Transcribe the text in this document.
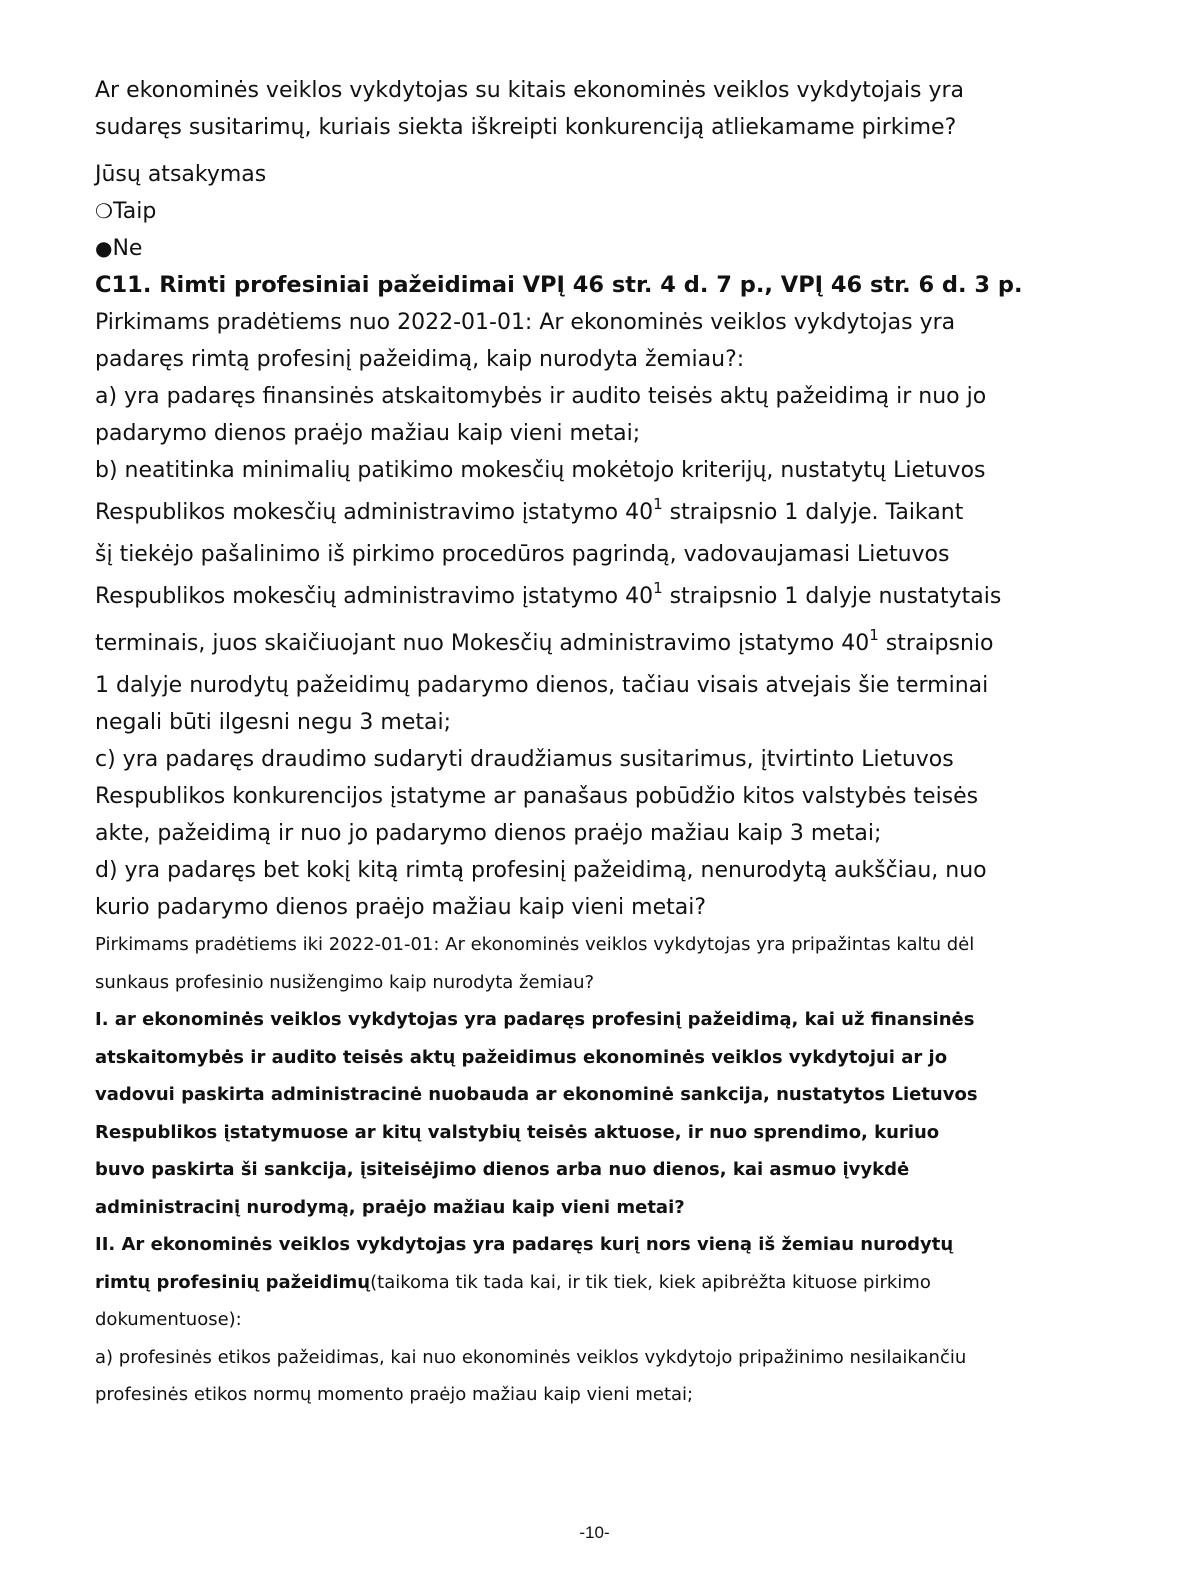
Ar ekonominės veiklos vykdytojas su kitais ekonominės veiklos vykdytojais yra
sudaręs susitarimų, kuriais siekta iškreipti konkurenciją atliekamame pirkime?
Jūsų atsakymas
❍Taip
●Ne
C11. Rimti profesiniai pažeidimai VPĮ 46 str. 4 d. 7 p., VPĮ 46 str. 6 d. 3 p.
Pirkimams pradėtiems nuo 2022-01-01: Ar ekonominės veiklos vykdytojas yra
padaręs rimtą profesinį pažeidimą, kaip nurodyta žemiau?:
a) yra padaręs finansinės atskaitomybės ir audito teisės aktų pažeidimą ir nuo jo
padarymo dienos praėjo mažiau kaip vieni metai;
b) neatitinka minimalių patikimo mokesčių mokėtojo kriterijų, nustatytų Lietuvos
Respublikos mokesčių administravimo įstatymo $40^1$ straipsnio 1 dalyje. Taikant
šį tiekėjo pašalinimo iš pirkimo procedūros pagrindą, vadovaujamasi Lietuvos
Respublikos mokesčių administravimo įstatymo $40^1$ straipsnio 1 dalyje nustatytais
terminais, juos skaičiuojant nuo Mokesčių administravimo įstatymo $40^1$ straipsnio
1 dalyje nurodytų pažeidimų padarymo dienos, tačiau visais atvejais šie terminai
negali būti ilgesni negu 3 metai;
c) yra padaręs draudimo sudaryti draudžiamus susitarimus, įtvirtinto Lietuvos
Respublikos konkurencijos įstatyme ar panašaus pobūdžio kitos valstybės teisės
akte, pažeidimą ir nuo jo padarymo dienos praėjo mažiau kaip 3 metai;
d) yra padaręs bet kokį kitą rimtą profesinį pažeidimą, nenurodytą aukščiau, nuo
kurio padarymo dienos praėjo mažiau kaip vieni metai?
Pirkimams pradėtiems iki 2022-01-01: Ar ekonominės veiklos vykdytojas yra pripažintas kaltu dėl
sunkaus profesinio nusižengimo kaip nurodyta žemiau?
I. ar ekonominės veiklos vykdytojas yra padaręs profesinį pažeidimą, kai už finansinės
atskaitomybės ir audito teisės aktų pažeidimus ekonominės veiklos vykdytojui ar jo
vadovui paskirta administracinė nuobauda ar ekonominė sankcija, nustatytos Lietuvos
Respublikos įstatymuose ar kitų valstybių teisės aktuose, ir nuo sprendimo, kuriuo
buvo paskirta ši sankcija, įsiteisėjimo dienos arba nuo dienos, kai asmuo įvykdė
administracinį nurodymą, praėjo mažiau kaip vieni metai?
II. Ar ekonominės veiklos vykdytojas yra padaręs kurį nors vieną iš žemiau nurodytų
rimtų profesinių pažeidimų(taikoma tik tada kai, ir tik tiek, kiek apibrėžta kituose pirkimo
dokumentuose):
a) profesinės etikos pažeidimas, kai nuo ekonominės veiklos vykdytojo pripažinimo nesilaikančiu
profesinės etikos normų momento praėjo mažiau kaip vieni metai;
-10-
